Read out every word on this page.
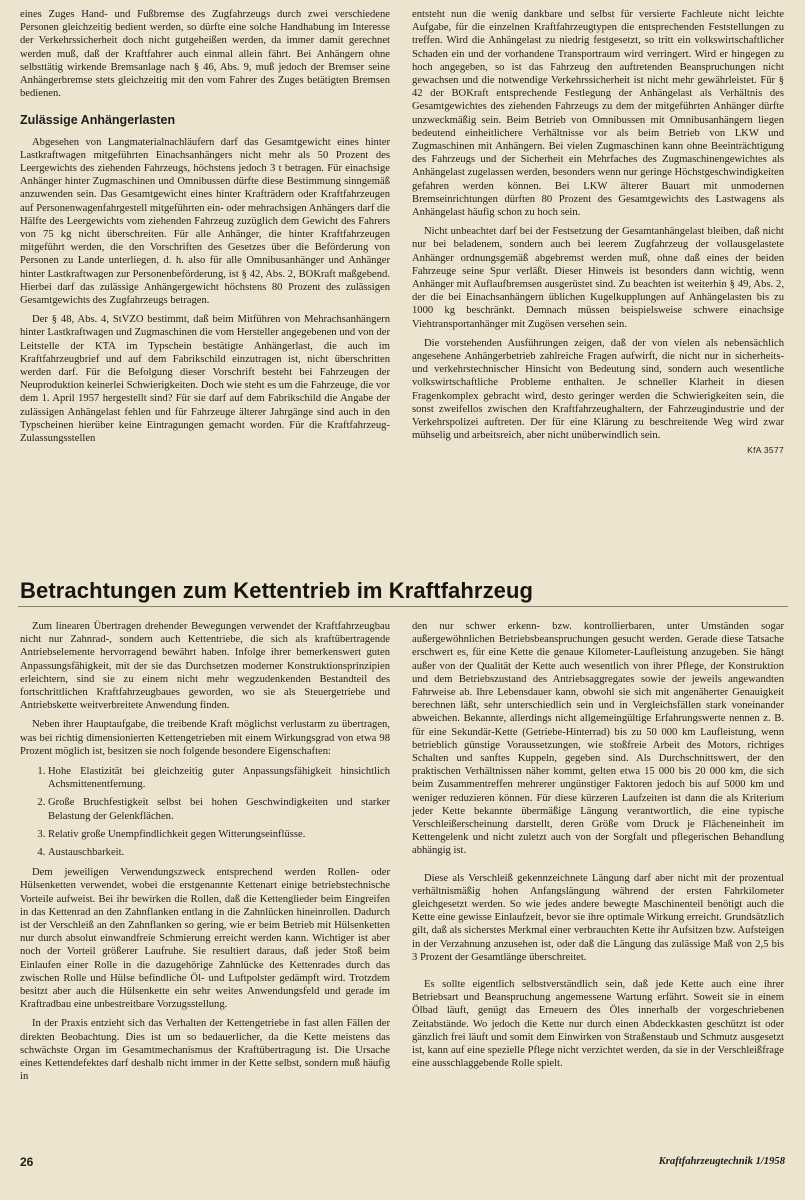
eines Zuges Hand- und Fußbremse des Zugfahrzeugs durch zwei verschiedene Personen gleichzeitig bedient werden, so dürfte eine solche Handhabung im Interesse der Verkehrssicherheit doch nicht gutgeheißen werden, da immer damit gerechnet werden muß, daß der Kraftfahrer auch einmal allein fährt. Bei Anhängern ohne selbsttätig wirkende Bremsanlage nach § 46, Abs. 9, muß jedoch der Bremser seine Anhängerbremse stets gleichzeitig mit den vom Fahrer des Zuges betätigten Bremsen bedienen.

Zulässige Anhängerlasten

Abgesehen von Langmaterialnachläufern darf das Gesamtgewicht eines hinter Lastkraftwagen mitgeführten Einachsanhängers nicht mehr als 50 Prozent des Leergewichts des ziehenden Fahrzeugs, höchstens jedoch 3 t betragen. Für einachsige Anhänger hinter Zugmaschinen und Omnibussen dürfte diese Bestimmung sinngemäß anzuwenden sein. Das Gesamtgewicht eines hinter Krafträdern oder Kraftfahrzeugen auf Personenwagenfahrgestell mitgeführten ein- oder mehrachsigen Anhängers darf die Hälfte des Leergewichts vom ziehenden Fahrzeug zuzüglich dem Gewicht des Fahrers von 75 kg nicht überschreiten. Für alle Anhänger, die hinter Kraftfahrzeugen mitgeführt werden, die den Vorschriften des Gesetzes über die Beförderung von Personen zu Lande unterliegen, d. h. also für alle Omnibusanhänger und Anhänger hinter Lastkraftwagen zur Personenbeförderung, ist § 42, Abs. 2, BOKraft maßgebend. Hierbei darf das zulässige Anhängergewicht höchstens 80 Prozent des zulässigen Gesamtgewichts des Zugfahrzeugs betragen.

Der § 48, Abs. 4, StVZO bestimmt, daß beim Mitführen von Mehrachsanhängern hinter Lastkraftwagen und Zugmaschinen die vom Hersteller angegebenen und von der Leitstelle der KTA im Typschein bestätigte Anhängerlast, die auch im Kraftfahrzeugbrief und auf dem Fabrikschild einzutragen ist, nicht überschritten werden darf. Für die Befolgung dieser Vorschrift besteht bei Fahrzeugen der Neuproduktion keinerlei Schwierigkeiten. Doch wie steht es um die Fahrzeuge, die vor dem 1. April 1957 hergestellt sind? Für sie darf auf dem Fabrikschild die Angabe der zulässigen Anhängelast fehlen und für Fahrzeuge älterer Jahrgänge sind auch in den Typscheinen hierüber keine Eintragungen gemacht worden. Für die Kraftfahrzeug-Zulassungsstellen

entsteht nun die wenig dankbare und selbst für versierte Fachleute nicht leichte Aufgabe, für die einzelnen Kraftfahrzeugtypen die entsprechenden Feststellungen zu treffen. Wird die Anhängelast zu niedrig festgesetzt, so tritt ein volkswirtschaftlicher Schaden ein und der vorhandene Transportraum wird verringert. Wird er hingegen zu hoch angegeben, so ist das Fahrzeug den auftretenden Beanspruchungen nicht gewachsen und die notwendige Verkehrssicherheit ist nicht mehr gewährleistet. Für § 42 der BOKraft entsprechende Festlegung der Anhängelast als Verhältnis des Gesamtgewichtes des ziehenden Fahrzeugs zu dem der mitgeführten Anhänger dürfte unzweckmäßig sein. Beim Betrieb von Omnibussen mit Omnibusanhängern liegen bedeutend einheitlichere Verhältnisse vor als beim Betrieb von LKW und Zugmaschinen mit Anhängern. Bei vielen Zugmaschinen kann ohne Beeinträchtigung des Fahrzeugs und der Sicherheit ein Mehrfaches des Zugmaschinengewichtes als Anhängelast zugelassen werden, besonders wenn nur geringe Höchstgeschwindigkeiten gefahren werden können. Bei LKW älterer Bauart mit unmodernen Bremseinrichtungen dürften 80 Prozent des Gesamtgewichts des Lastwagens als Anhängelast häufig schon zu hoch sein.

Nicht unbeachtet darf bei der Festsetzung der Gesamtanhängelast bleiben, daß nicht nur bei beladenem, sondern auch bei leerem Zugfahrzeug der vollausgelastete Anhänger ordnungsgemäß abgebremst werden muß, ohne daß eines der beiden Fahrzeuge seine Spur verläßt. Dieser Hinweis ist besonders dann wichtig, wenn Anhänger mit Auflaufbremsen ausgerüstet sind. Zu beachten ist weiterhin § 49, Abs. 2, der die bei Einachsanhängern üblichen Kugelkupplungen auf Anhängelasten bis zu 1000 kg beschränkt. Demnach müssen beispielsweise schwere einachsige Viehtransportanhänger mit Zugösen versehen sein.

Die vorstehenden Ausführungen zeigen, daß der von vielen als nebensächlich angesehene Anhängerbetrieb zahlreiche Fragen aufwirft, die nicht nur in sicherheits- und verkehrstechnischer Hinsicht von Bedeutung sind, sondern auch wesentliche volkswirtschaftliche Probleme enthalten. Je schneller Klarheit in diesen Fragenkomplex gebracht wird, desto geringer werden die Schwierigkeiten sein, die sonst zweifellos zwischen den Kraftfahrzeughaltern, der Fahrzeugindustrie und der Verkehrspolizei auftreten. Der für eine Klärung zu beschreitende Weg wird zwar mühselig und arbeitsreich, aber nicht unüberwindlich sein.

KfA 3577
Betrachtungen zum Kettentrieb im Kraftfahrzeug

Zum linearen Übertragen drehender Bewegungen verwendet der Kraftfahrzeugbau nicht nur Zahnrad-, sondern auch Kettentriebe, die sich als kraftübertragende Antriebselemente hervorragend bewährt haben. Infolge ihrer bemerkenswert guten Anpassungsfähigkeit, mit der sie das Durchsetzen moderner Konstruktionsprinzipien erleichtern, sind sie zu einem nicht mehr wegzudenkenden Bestandteil des fortschrittlichen Kraftfahrzeugbaues geworden, wo sie als Steuergetriebe und Antriebskette weitverbreitete Anwendung finden.

Neben ihrer Hauptaufgabe, die treibende Kraft möglichst verlustarm zu übertragen, was bei richtig dimensionierten Kettengetrieben mit einem Wirkungsgrad von etwa 98 Prozent möglich ist, besitzen sie noch folgende besondere Eigenschaften:

1. Hohe Elastizität bei gleichzeitig guter Anpassungsfähigkeit hinsichtlich Achsmittenentfernung.
2. Große Bruchfestigkeit selbst bei hohen Geschwindigkeiten und starker Belastung der Gelenkflächen.
3. Relativ große Unempfindlichkeit gegen Witterungseinflüsse.
4. Austauschbarkeit.

Dem jeweiligen Verwendungszweck entsprechend werden Rollen- oder Hülsenketten verwendet, wobei die erstgenannte Kettenart einige betriebstechnische Vorteile aufweist. Bei ihr bewirken die Rollen, daß die Kettenglieder beim Eingreifen in das Kettenrad an den Zahnflanken entlang in die Zahnlücken hineinrollen. Dadurch ist der Verschleiß an den Zahnflanken so gering, wie er beim Betrieb mit Hülsenketten nur durch absolut einwandfreie Schmierung erreicht werden kann. Wichtiger ist aber noch der Vorteil größerer Laufruhe. Sie resultiert daraus, daß jeder Stoß beim Einlaufen einer Rolle in die dazugehörige Zahnlücke des Kettenrades durch das zwischen Rolle und Hülse befindliche Öl- und Luftpolster gedämpft wird. Trotzdem besitzt aber auch die Hülsenkette ein sehr weites Anwendungsfeld und gerade im Kraftradbau eine unbestreitbare Vorzugsstellung.

In der Praxis entzieht sich das Verhalten der Kettengetriebe in fast allen Fällen der direkten Beobachtung. Dies ist um so bedauerlicher, da die Kette meistens das schwächste Organ im Gesamtmechanismus der Kraftübertragung ist. Die Ursache eines Kettendefektes darf deshalb nicht immer in der Kette selbst, sondern muß häufig in

den nur schwer erkenn- bzw. kontrollierbaren, unter Umständen sogar außergewöhnlichen Betriebsbeanspruchungen gesucht werden. Gerade diese Tatsache erschwert es, für eine Kette die genaue Kilometer-Laufleistung anzugeben. Sie hängt außer von der Qualität der Kette auch wesentlich von ihrer Pflege, der Konstruktion und dem Betriebszustand des Antriebsaggregates sowie der jeweils angewandten Fahrweise ab. Ihre Lebensdauer kann, obwohl sie sich mit angenäherter Genauigkeit berechnen läßt, sehr unterschiedlich sein und in Vergleichsfällen stark voneinander abweichen. Bekannte, allerdings nicht allgemeingültige Erfahrungswerte nennen z. B. für eine Sekundär-Kette (Getriebe-Hinterrad) bis zu 50 000 km Laufleistung, wenn betrieblich günstige Voraussetzungen, wie stoßfreie Arbeit des Motors, richtiges Schalten und sanftes Kuppeln, gegeben sind. Als Durchschnittswert, der den praktischen Verhältnissen näher kommt, gelten etwa 15 000 bis 20 000 km, die sich beim Zusammentreffen mehrerer ungünstiger Faktoren jedoch bis auf 5000 km und weniger reduzieren können. Für diese kürzeren Laufzeiten ist dann die als Kriterium jeder Kette bekannte übermäßige Längung verantwortlich, die eine typische Verschleißerscheinung darstellt, deren Größe vom Druck je Flächeneinheit im Kettengelenk und nicht zuletzt auch von der Sorgfalt und pflegerischen Behandlung abhängig ist.

Diese als Verschleiß gekennzeichnete Längung darf aber nicht mit der prozentual verhältnismäßig hohen Anfangslängung während der ersten Fahrkilometer gleichgesetzt werden. So wie jedes andere bewegte Maschinenteil benötigt auch die Kette eine gewisse Einlaufzeit, bevor sie ihre optimale Wirkung erreicht. Grundsätzlich gilt, daß als sicherstes Merkmal einer verbrauchten Kette ihr Aufsitzen bzw. Aufsteigen in der Verzahnung anzusehen ist, oder daß die Längung das zulässige Maß von 2,5 bis 3 Prozent der Gesamtlänge überschreitet.

Es sollte eigentlich selbstverständlich sein, daß jede Kette auch eine ihrer Betriebsart und Beanspruchung angemessene Wartung erfährt. Soweit sie in einem Ölbad läuft, genügt das Erneuern des Öles innerhalb der vorgeschriebenen Zeitabstände. Wo jedoch die Kette nur durch einen Abdeckkasten geschützt ist oder gänzlich frei läuft und somit dem Einwirken von Straßenstaub und Schmutz ausgesetzt ist, kann auf eine spezielle Pflege nicht verzichtet werden, da sie in der Verschleißfrage eine ausschlaggebende Rolle spielt.

26	Kraftfahrzeugtechnik 1/1958
